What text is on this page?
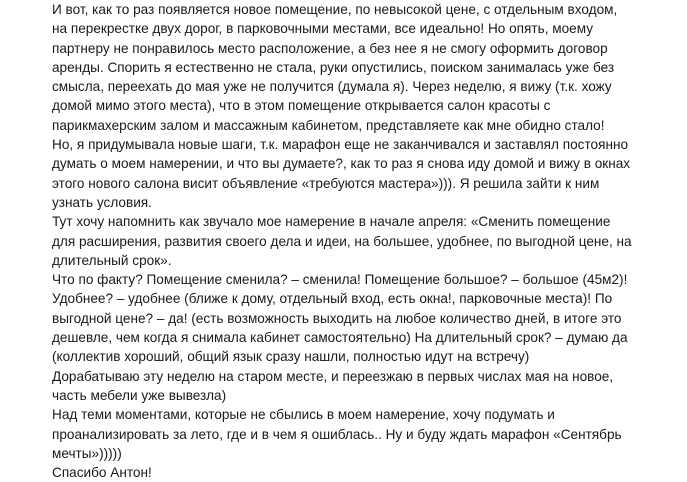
И вот, как то раз появляется новое помещение, по невысокой цене, с отдельным входом,
на перекрестке двух дорог, в парковочными местами, все идеально! Но опять, моему
партнеру не понравилось место расположение, а без нее я не смогу оформить договор
аренды. Спорить я естественно не стала, руки опустились, поиском занималась уже без
смысла, переехать до мая уже не получится (думала я). Через неделю, я вижу (т.к. хожу
домой мимо этого места), что в этом помещение открывается салон красоты с
парикмахерским залом и массажным кабинетом, представляете как мне обидно стало!
Но, я придумывала новые шаги, т.к. марафон еще не заканчивался и заставлял постоянно
думать о моем намерении, и что вы думаете?, как то раз я снова иду домой и вижу в окнах
этого нового салона висит объявление «требуются мастера»))). Я решила зайти к ним
узнать условия.
Тут хочу напомнить как звучало мое намерение в начале апреля: «Сменить помещение
для расширения, развития своего дела и идеи, на большее, удобнее, по выгодной цене, на
длительный срок».
Что по факту? Помещение сменила? – сменила! Помещение большое? – большое (45м2)!
Удобнее? – удобнее (ближе к дому, отдельный вход, есть окна!, парковочные места)! По
выгодной цене? – да! (есть возможность выходить на любое количество дней, в итоге это
дешевле, чем когда я снимала кабинет самостоятельно) На длительный срок? – думаю да
(коллектив хороший, общий язык сразу нашли, полностью идут на встречу)
Дорабатываю эту неделю на старом месте, и переезжаю в первых числах мая на новое,
часть мебели уже вывезла)
Над теми моментами, которые не сбылись в моем намерение, хочу подумать и
проанализировать за лето, где и в чем я ошиблась.. Ну и буду ждать марафон «Сентябрь
мечты»)))))
Спасибо Антон!
